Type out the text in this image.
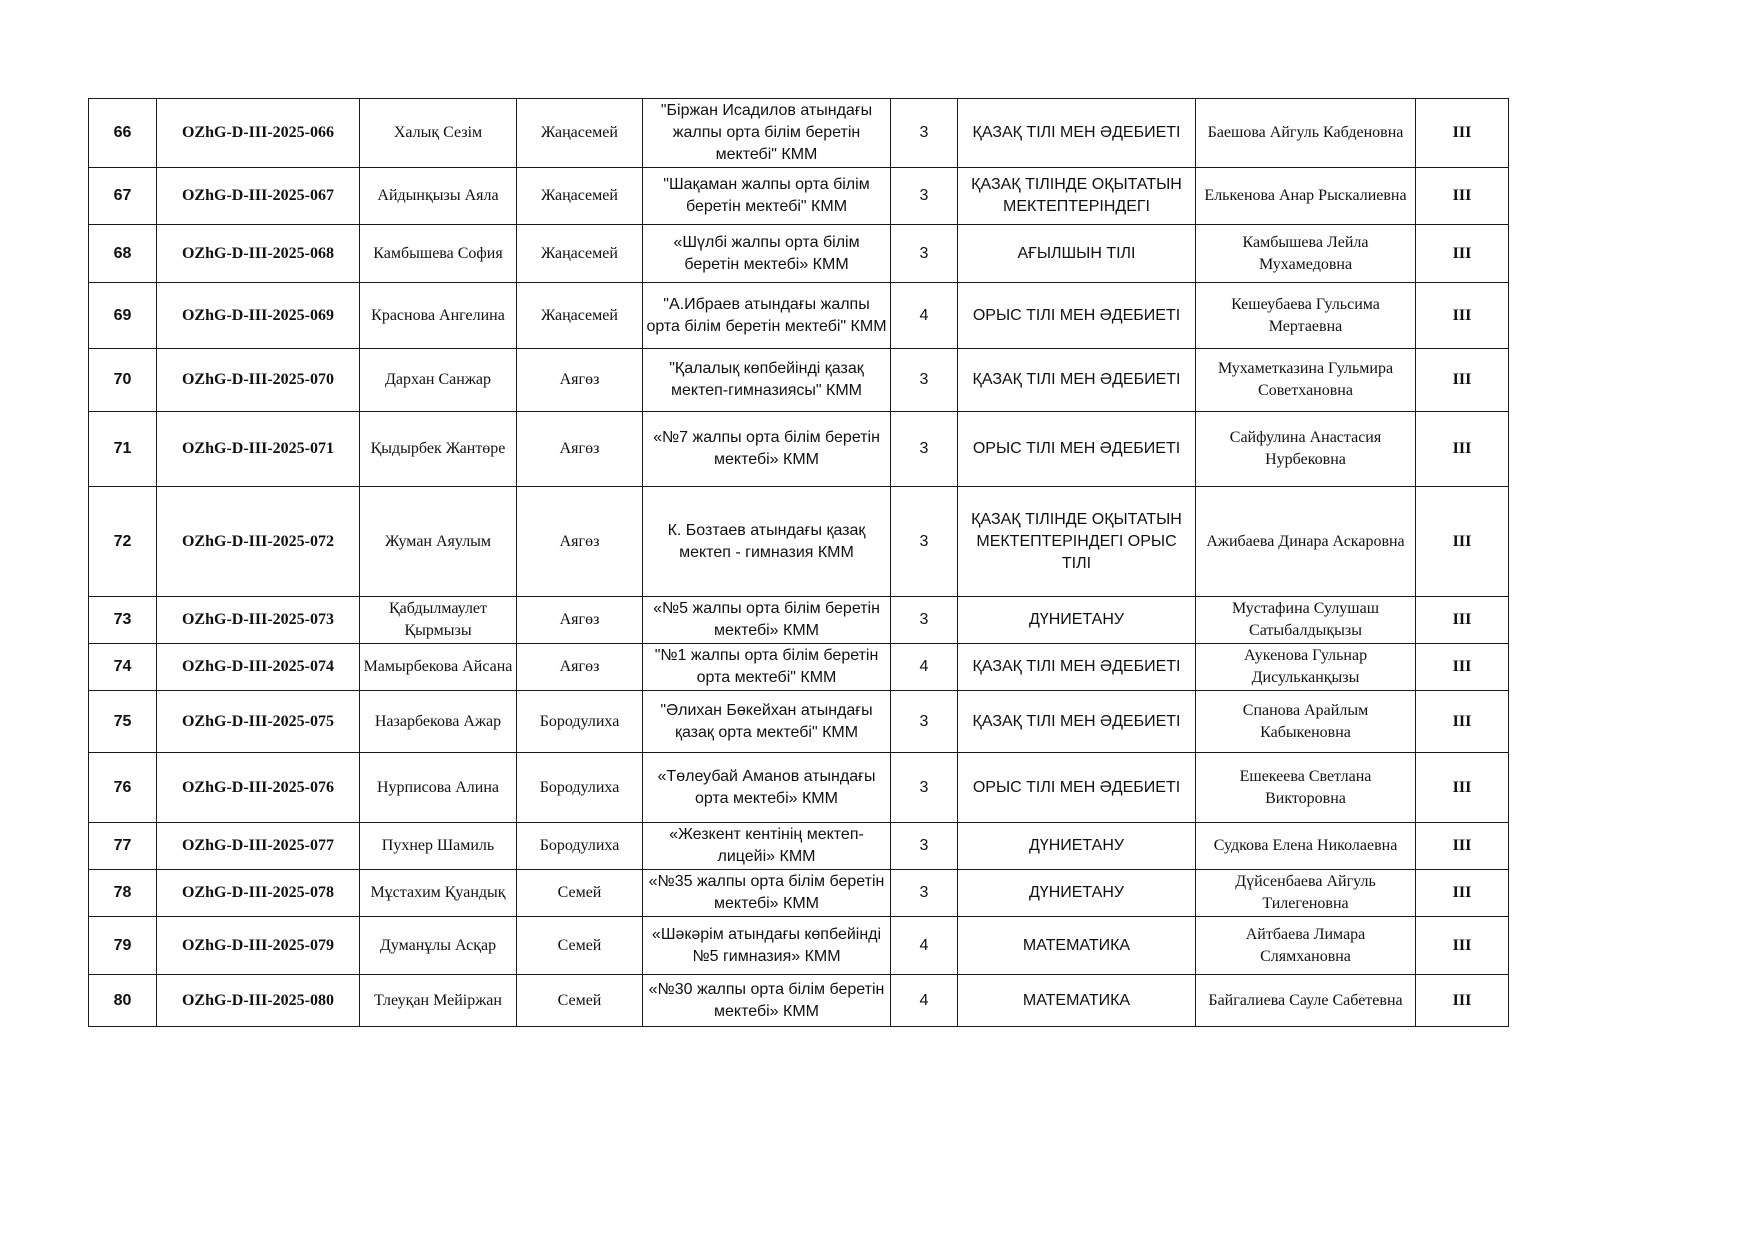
66	OZhG-D-III-2025-066	Халық Сезім	Жаңасемей	"Біржан Исадилов атындағы жалпы орта білім беретін мектебі" КММ	3	ҚАЗАҚ ТІЛІ МЕН ӘДЕБИЕТІ	Баешова Айгуль Кабденовна	III
67	OZhG-D-III-2025-067	Айдынқызы Аяла	Жаңасемей	"Шақаман жалпы орта білім беретін мектебі" КММ	3	ҚАЗАҚ ТІЛІНДЕ ОҚЫТАТЫН МЕКТЕПТЕРІНДЕГІ	Елькенова Анар Рыскалиевна	III
68	OZhG-D-III-2025-068	Камбышева София	Жаңасемей	«Шүлбі жалпы орта білім беретін мектебі» КММ	3	АҒЫЛШЫН ТІЛІ	Камбышева Лейла Мухамедовна	III
69	OZhG-D-III-2025-069	Краснова Ангелина	Жаңасемей	"А.Ибраев атындағы жалпы орта білім беретін мектебі" КММ	4	ОРЫС ТІЛІ МЕН ӘДЕБИЕТІ	Кешеубаева Гульсима Мертаевна	III
70	OZhG-D-III-2025-070	Дархан Санжар	Аягөз	"Қалалық көпбейінді қазақ мектеп-гимназиясы" КММ	3	ҚАЗАҚ ТІЛІ МЕН ӘДЕБИЕТІ	Мухаметказина Гульмира Советхановна	III
71	OZhG-D-III-2025-071	Қыдырбек Жантөре	Аягөз	«№7 жалпы орта білім беретін мектебі» КММ	3	ОРЫС ТІЛІ МЕН ӘДЕБИЕТІ	Сайфулина Анастасия Нурбековна	III
72	OZhG-D-III-2025-072	Жуман Аяулым	Аягөз	К. Бозтаев атындағы қазақ мектеп - гимназия КММ	3	ҚАЗАҚ ТІЛІНДЕ ОҚЫТАТЫН МЕКТЕПТЕРІНДЕГІ ОРЫС ТІЛІ	Ажибаева Динара Аскаровна	III
73	OZhG-D-III-2025-073	Қабдылмаулет Қырмызы	Аягөз	«№5 жалпы орта білім беретін мектебі» КММ	3	ДҮНИЕТАНУ	Мустафина Сулушаш Сатыбалдықызы	III
74	OZhG-D-III-2025-074	Мамырбекова Айсана	Аягөз	"№1 жалпы орта білім беретін орта мектебі" КММ	4	ҚАЗАҚ ТІЛІ МЕН ӘДЕБИЕТІ	Аукенова Гульнар Дисульканқызы	III
75	OZhG-D-III-2025-075	Назарбекова Ажар	Бородулиха	"Әлихан Бөкейхан атындағы қазақ орта мектебі" КММ	3	ҚАЗАҚ ТІЛІ МЕН ӘДЕБИЕТІ	Спанова Арайлым Кабыкеновна	III
76	OZhG-D-III-2025-076	Нурписова Алина	Бородулиха	«Төлеубай Аманов атындағы орта мектебі» КММ	3	ОРЫС ТІЛІ МЕН ӘДЕБИЕТІ	Ешекеева Светлана Викторовна	III
77	OZhG-D-III-2025-077	Пухнер Шамиль	Бородулиха	«Жезкент кентінің мектеп-лицейі» КММ	3	ДҮНИЕТАНУ	Судкова Елена Николаевна	III
78	OZhG-D-III-2025-078	Мұстахим Қуандық	Семей	«№35 жалпы орта білім беретін мектебі» КММ	3	ДҮНИЕТАНУ	Дүйсенбаева Айгуль Тилегеновна	III
79	OZhG-D-III-2025-079	Думанұлы Асқар	Семей	«Шәкәрім атындағы көпбейінді №5 гимназия» КММ	4	МАТЕМАТИКА	Айтбаева Лимара Слямхановна	III
80	OZhG-D-III-2025-080	Тлеуқан Мейіржан	Семей	«№30 жалпы орта білім беретін мектебі» КММ	4	МАТЕМАТИКА	Байгалиева Сауле Сабетевна	III
